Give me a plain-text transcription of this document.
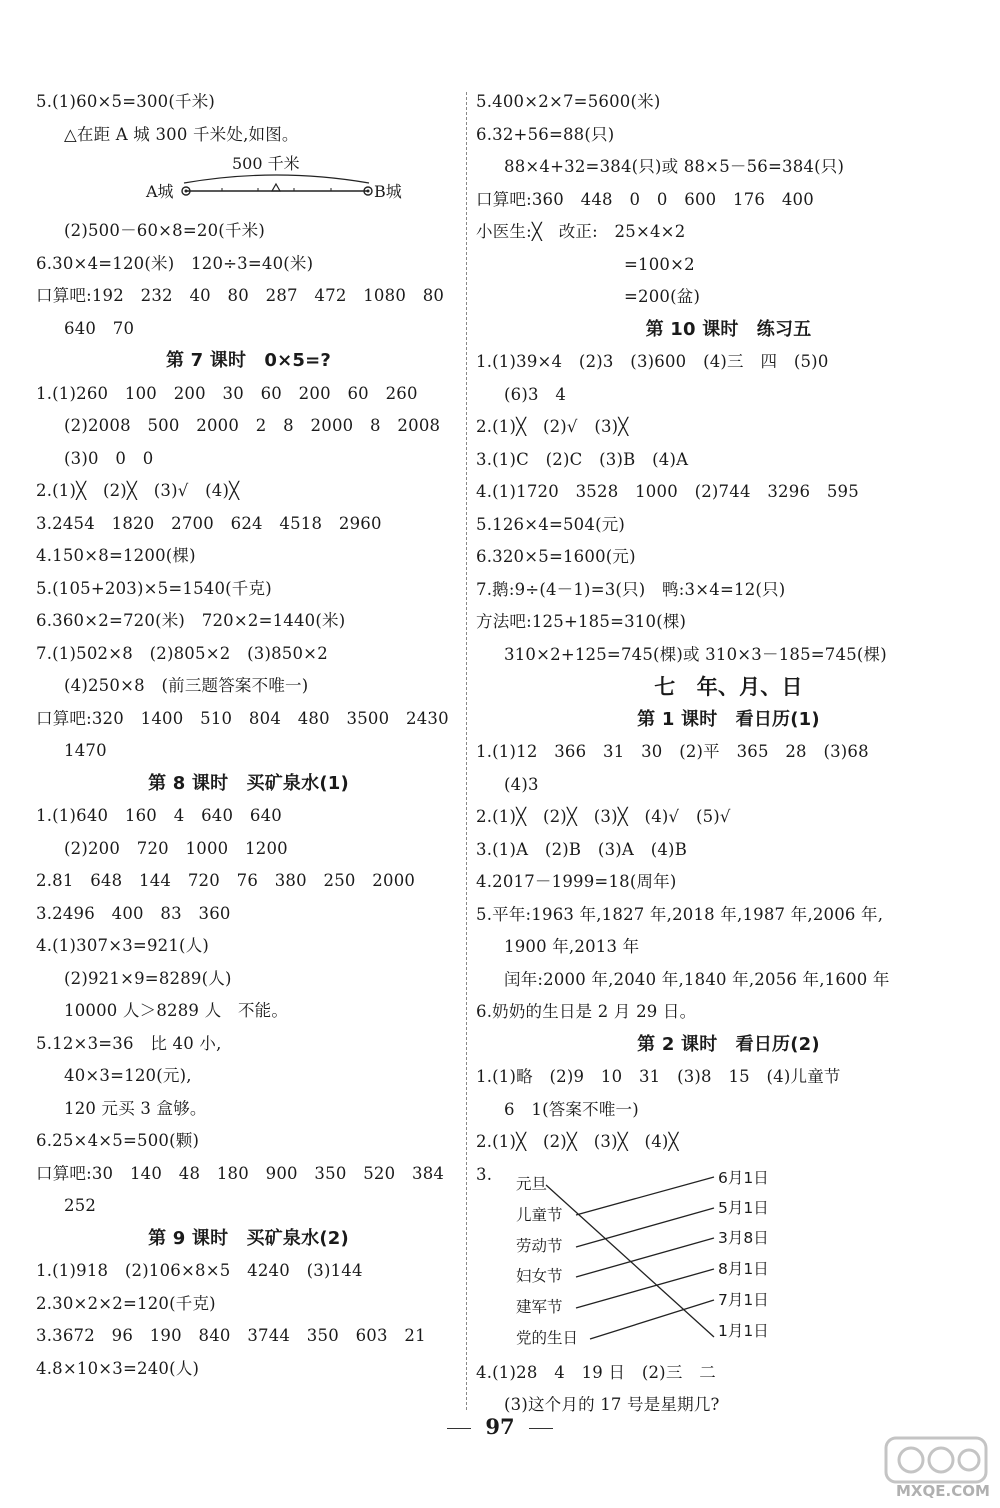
5.(1)60×5=300(千米)
△在距 A 城 300 千米处,如图。
500 千米
A城	B城
(2)500－60×8=20(千米)
6.30×4=120(米)　120÷3=40(米)
口算吧:192　232　40　80　287　472　1080　80
640　70
第 7 课时　0×5=?
1.(1)260　100　200　30　60　200　60　260
(2)2008　500　2000　2　8　2000　8　2008
(3)0　0　0
2.(1)╳　(2)╳　(3)√　(4)╳
3.2454　1820　2700　624　4518　2960
4.150×8=1200(棵)
5.(105+203)×5=1540(千克)
6.360×2=720(米)　720×2=1440(米)
7.(1)502×8　(2)805×2　(3)850×2
(4)250×8　(前三题答案不唯一)
口算吧:320　1400　510　804　480　3500　2430
1470
第 8 课时　买矿泉水(1)
1.(1)640　160　4　640　640
(2)200　720　1000　1200
2.81　648　144　720　76　380　250　2000
3.2496　400　83　360
4.(1)307×3=921(人)
(2)921×9=8289(人)
10000 人＞8289 人　不能。
5.12×3=36　比 40 小,
40×3=120(元),
120 元买 3 盒够。
6.25×4×5=500(颗)
口算吧:30　140　48　180　900　350　520　384
252
第 9 课时　买矿泉水(2)
1.(1)918　(2)106×8×5　4240　(3)144
2.30×2×2=120(千克)
3.3672　96　190　840　3744　350　603　21
4.8×10×3=240(人)
5.400×2×7=5600(米)
6.32+56=88(只)
88×4+32=384(只)或 88×5－56=384(只)
口算吧:360　448　0　0　600　176　400
小医生:╳　改正:　25×4×2
=100×2
=200(盆)
第 10 课时　练习五
1.(1)39×4　(2)3　(3)600　(4)三　四　(5)0
(6)3　4
2.(1)╳　(2)√　(3)╳
3.(1)C　(2)C　(3)B　(4)A
4.(1)1720　3528　1000　(2)744　3296　595
5.126×4=504(元)
6.320×5=1600(元)
7.鹅:9÷(4－1)=3(只)　鸭:3×4=12(只)
方法吧:125+185=310(棵)
310×2+125=745(棵)或 310×3－185=745(棵)
七　年、月、日
第 1 课时　看日历(1)
1.(1)12　366　31　30　(2)平　365　28　(3)68
(4)3
2.(1)╳　(2)╳　(3)╳　(4)√　(5)√
3.(1)A　(2)B　(3)A　(4)B
4.2017－1999=18(周年)
5.平年:1963 年,1827 年,2018 年,1987 年,2006 年,
1900 年,2013 年
闰年:2000 年,2040 年,1840 年,2056 年,1600 年
6.奶奶的生日是 2 月 29 日。
第 2 课时　看日历(2)
1.(1)略　(2)9　10　31　(3)8　15　(4)儿童节
6　1(答案不唯一)
2.(1)╳　(2)╳　(3)╳　(4)╳
3.	元旦
儿童节
劳动节
妇女节
建军节
党的生日
6月1日
5月1日
3月8日
8月1日
7月1日
1月1日
4.(1)28　4　19 日　(2)三　二
(3)这个月的 17 号是星期几?
97
MXQE.COM
